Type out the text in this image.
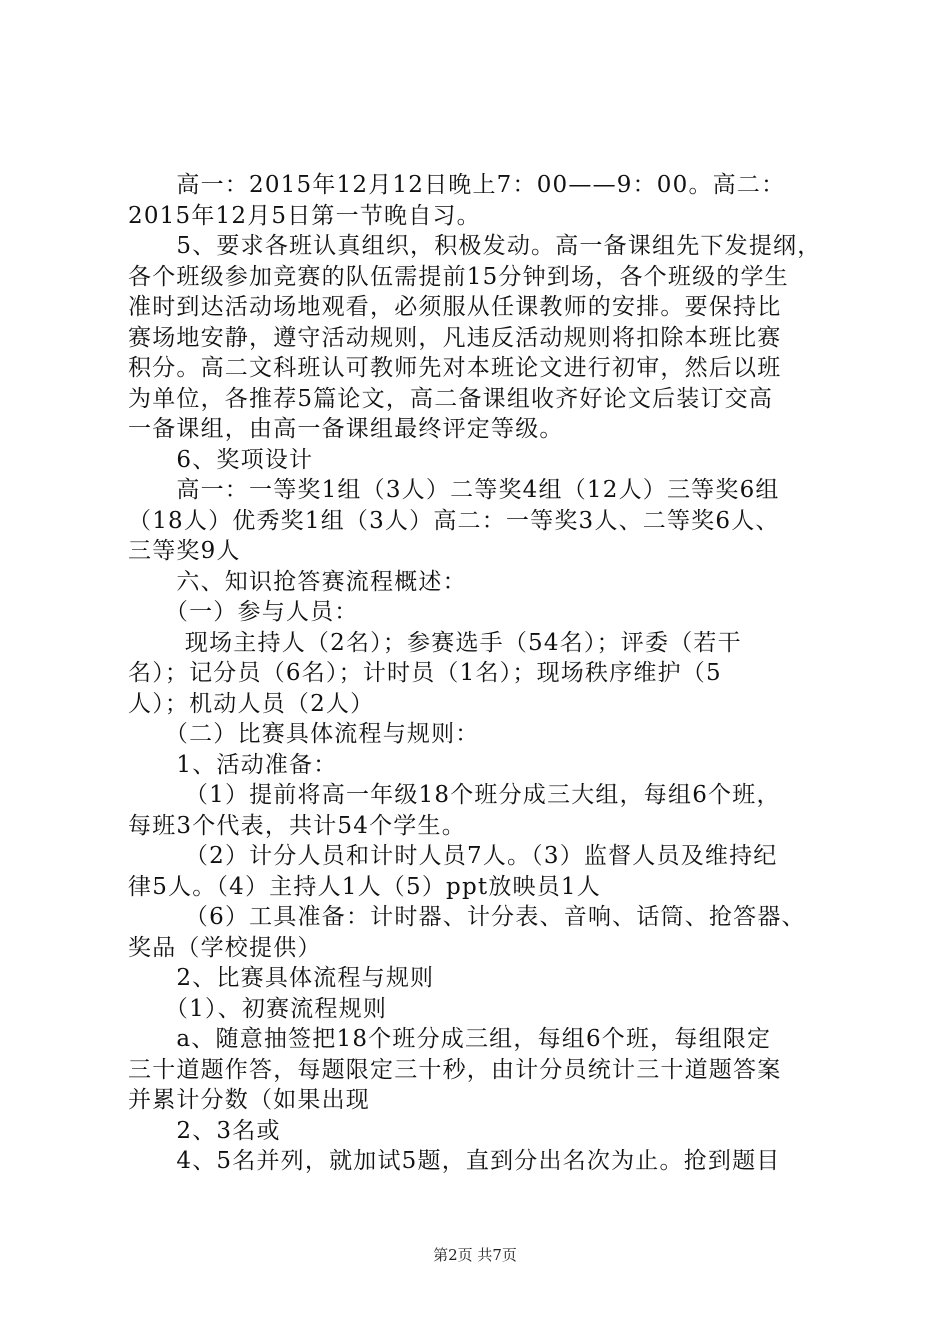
　　高一：2015年12月12日晚上7：00——9：00。高二：
2015年12月5日第一节晚自习。
　　5、要求各班认真组织，积极发动。高一备课组先下发提纲，
各个班级参加竞赛的队伍需提前15分钟到场，各个班级的学生
准时到达活动场地观看，必须服从任课教师的安排。要保持比
赛场地安静，遵守活动规则，凡违反活动规则将扣除本班比赛
积分。高二文科班认可教师先对本班论文进行初审，然后以班
为单位，各推荐5篇论文，高二备课组收齐好论文后装订交高
一备课组，由高一备课组最终评定等级。
　　6、奖项设计
　　高一：一等奖1组（3人）二等奖4组（12人）三等奖6组
（18人）优秀奖1组（3人）高二：一等奖3人、二等奖6人、
三等奖9人
　　六、知识抢答赛流程概述：
　　（一）参与人员：
　　 现场主持人（2名）；参赛选手（54名）；评委（若干
名）；记分员（6名）；计时员（1名）；现场秩序维护（5
人）；机动人员（2人）
　　（二）比赛具体流程与规则：
　　1、活动准备：
　　 （1）提前将高一年级18个班分成三大组，每组6个班，
每班3个代表，共计54个学生。
　　 （2）计分人员和计时人员7人。（3）监督人员及维持纪
律5人。（4）主持人1人（5）ppt放映员1人
　　 （6）工具准备：计时器、计分表、音响、话筒、抢答器、
奖品（学校提供）
　　2、比赛具体流程与规则
　　（1）、初赛流程规则
　　a、随意抽签把18个班分成三组，每组6个班，每组限定
三十道题作答，每题限定三十秒，由计分员统计三十道题答案
并累计分数（如果出现
　　2、3名或
　　4、5名并列，就加试5题，直到分出名次为止。抢到题目
第2页 共7页
